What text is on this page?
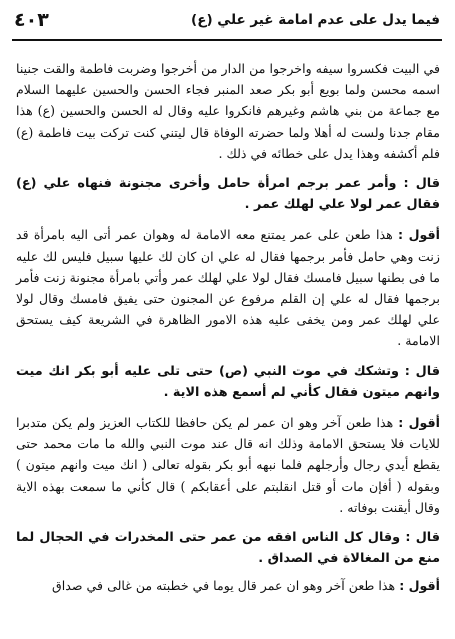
٤٠٣	فيما يدل على عدم امامة غير علي (ع)

في البيت فكسروا سيفه واخرجوا من الدار من أخرجوا وضربت فاطمة والقت جنينا اسمه محسن ولما بويع أبو بكر صعد المنبر فجاء الحسن والحسين عليهما السلام مع جماعة من بني هاشم وغيرهم فانكروا عليه وقال له الحسن والحسين (ع) هذا مقام جدنا ولست له أهلا ولما حضرته الوفاة قال ليتني كنت تركت بيت فاطمة (ع) فلم أكشفه وهذا يدل على خطائه في ذلك .

قال : وأمر عمر برجم امرأة حامل وأخرى مجنونة فنهاه علي (ع) فقال عمر لولا علي لهلك عمر .

أقول : هذا طعن على عمر يمتنع معه الامامة له وهوان عمر أتى اليه بامرأة قد زنت وهي حامل فأمر برجمها فقال له علي ان كان لك عليها سبيل فليس لك عليه ما فى بطنها سبيل فامسك فقال لولا علي لهلك عمر وأتي بامرأة مجنونة زنت فأمر برجمها فقال له علي إن القلم مرفوع عن المجنون حتى يفيق فامسك وقال لولا علي لهلك عمر ومن يخفى عليه هذه الامور الظاهرة في الشريعة كيف يستحق الامامة .

قال : وتشكك في موت النبي (ص) حتى تلى عليه أبو بكر انك ميت وانهم ميتون فقال كأني لم أسمع هذه الاية .

أقول : هذا طعن آخر وهو ان عمر لم يكن حافظا للكتاب العزيز ولم يكن متدبرا للايات فلا يستحق الامامة وذلك انه قال عند موت النبي والله ما مات محمد حتى يقطع أيدي رجال وأرجلهم فلما نبهه أبو بكر بقوله تعالى ( انك ميت وانهم ميتون ) وبقوله ( أفإن مات أو قتل انقلبتم على أعقابكم ) قال كأني ما سمعت بهذه الاية وقال أيقنت بوفاته .

قال : وقال كل الناس افقه من عمر حتى المخدرات في الحجال لما منع من المغالاة في الصداق .

أقول : هذا طعن آخر وهو ان عمر قال يوما في خطبته من غالى في صداق
